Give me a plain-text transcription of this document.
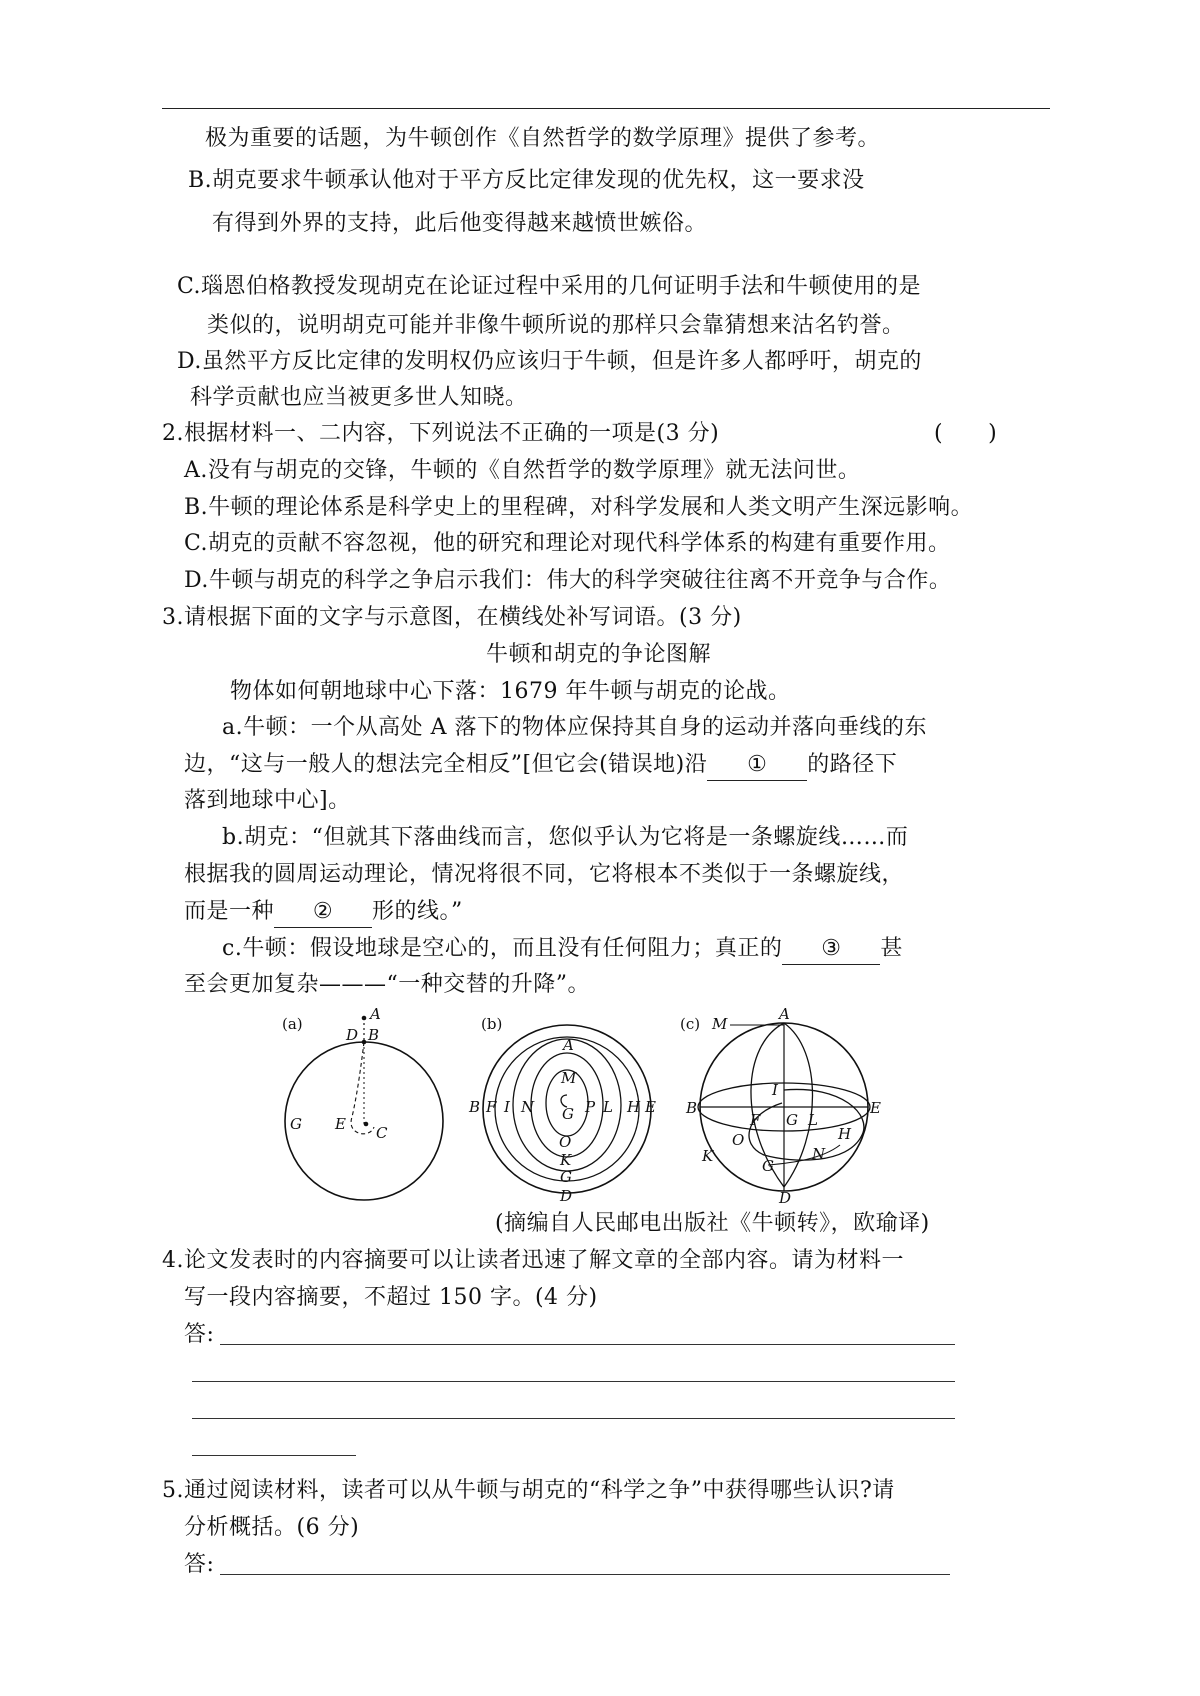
极为重要的话题，为牛顿创作《自然哲学的数学原理》提供了参考。
B.胡克要求牛顿承认他对于平方反比定律发现的优先权，这一要求没
有得到外界的支持，此后他变得越来越愤世嫉俗。
C.瑙恩伯格教授发现胡克在论证过程中采用的几何证明手法和牛顿使用的是
类似的，说明胡克可能并非像牛顿所说的那样只会靠猜想来沽名钓誉。
D.虽然平方反比定律的发明权仍应该归于牛顿，但是许多人都呼吁，胡克的
科学贡献也应当被更多世人知晓。
2.根据材料一、二内容，下列说法不正确的一项是(3 分)	(　　)
A.没有与胡克的交锋，牛顿的《自然哲学的数学原理》就无法问世。
B.牛顿的理论体系是科学史上的里程碑，对科学发展和人类文明产生深远影响。
C.胡克的贡献不容忽视，他的研究和理论对现代科学体系的构建有重要作用。
D.牛顿与胡克的科学之争启示我们：伟大的科学突破往往离不开竞争与合作。
3.请根据下面的文字与示意图，在横线处补写词语。(3 分)
牛顿和胡克的争论图解
物体如何朝地球中心下落：1679 年牛顿与胡克的论战。
a.牛顿：一个从高处 A 落下的物体应保持其自身的运动并落向垂线的东
边，“这与一般人的想法完全相反”[但它会(错误地)沿 ① 的路径下
落到地球中心]。
b.胡克：“但就其下落曲线而言，您似乎认为它将是一条螺旋线……而
根据我的圆周运动理论，情况将很不同，它将根本不类似于一条螺旋线，
而是一种 ② 形的线。”
c.牛顿：假设地球是空心的，而且没有任何阻力；真正的 ③ 甚
至会更加复杂———“一种交替的升降”。
(a)
A
D B
G E C
(b)
A
M
B F I N G P L H E
O
K
G
D
(c) M
A
B	E
I
F G L
H
O
K	N
G
D
(摘编自人民邮电出版社《牛顿转》，欧瑜译)
4.论文发表时的内容摘要可以让读者迅速了解文章的全部内容。请为材料一
写一段内容摘要，不超过 150 字。(4 分)
答:
5.通过阅读材料，读者可以从牛顿与胡克的“科学之争”中获得哪些认识?请
分析概括。(6 分)
答:
